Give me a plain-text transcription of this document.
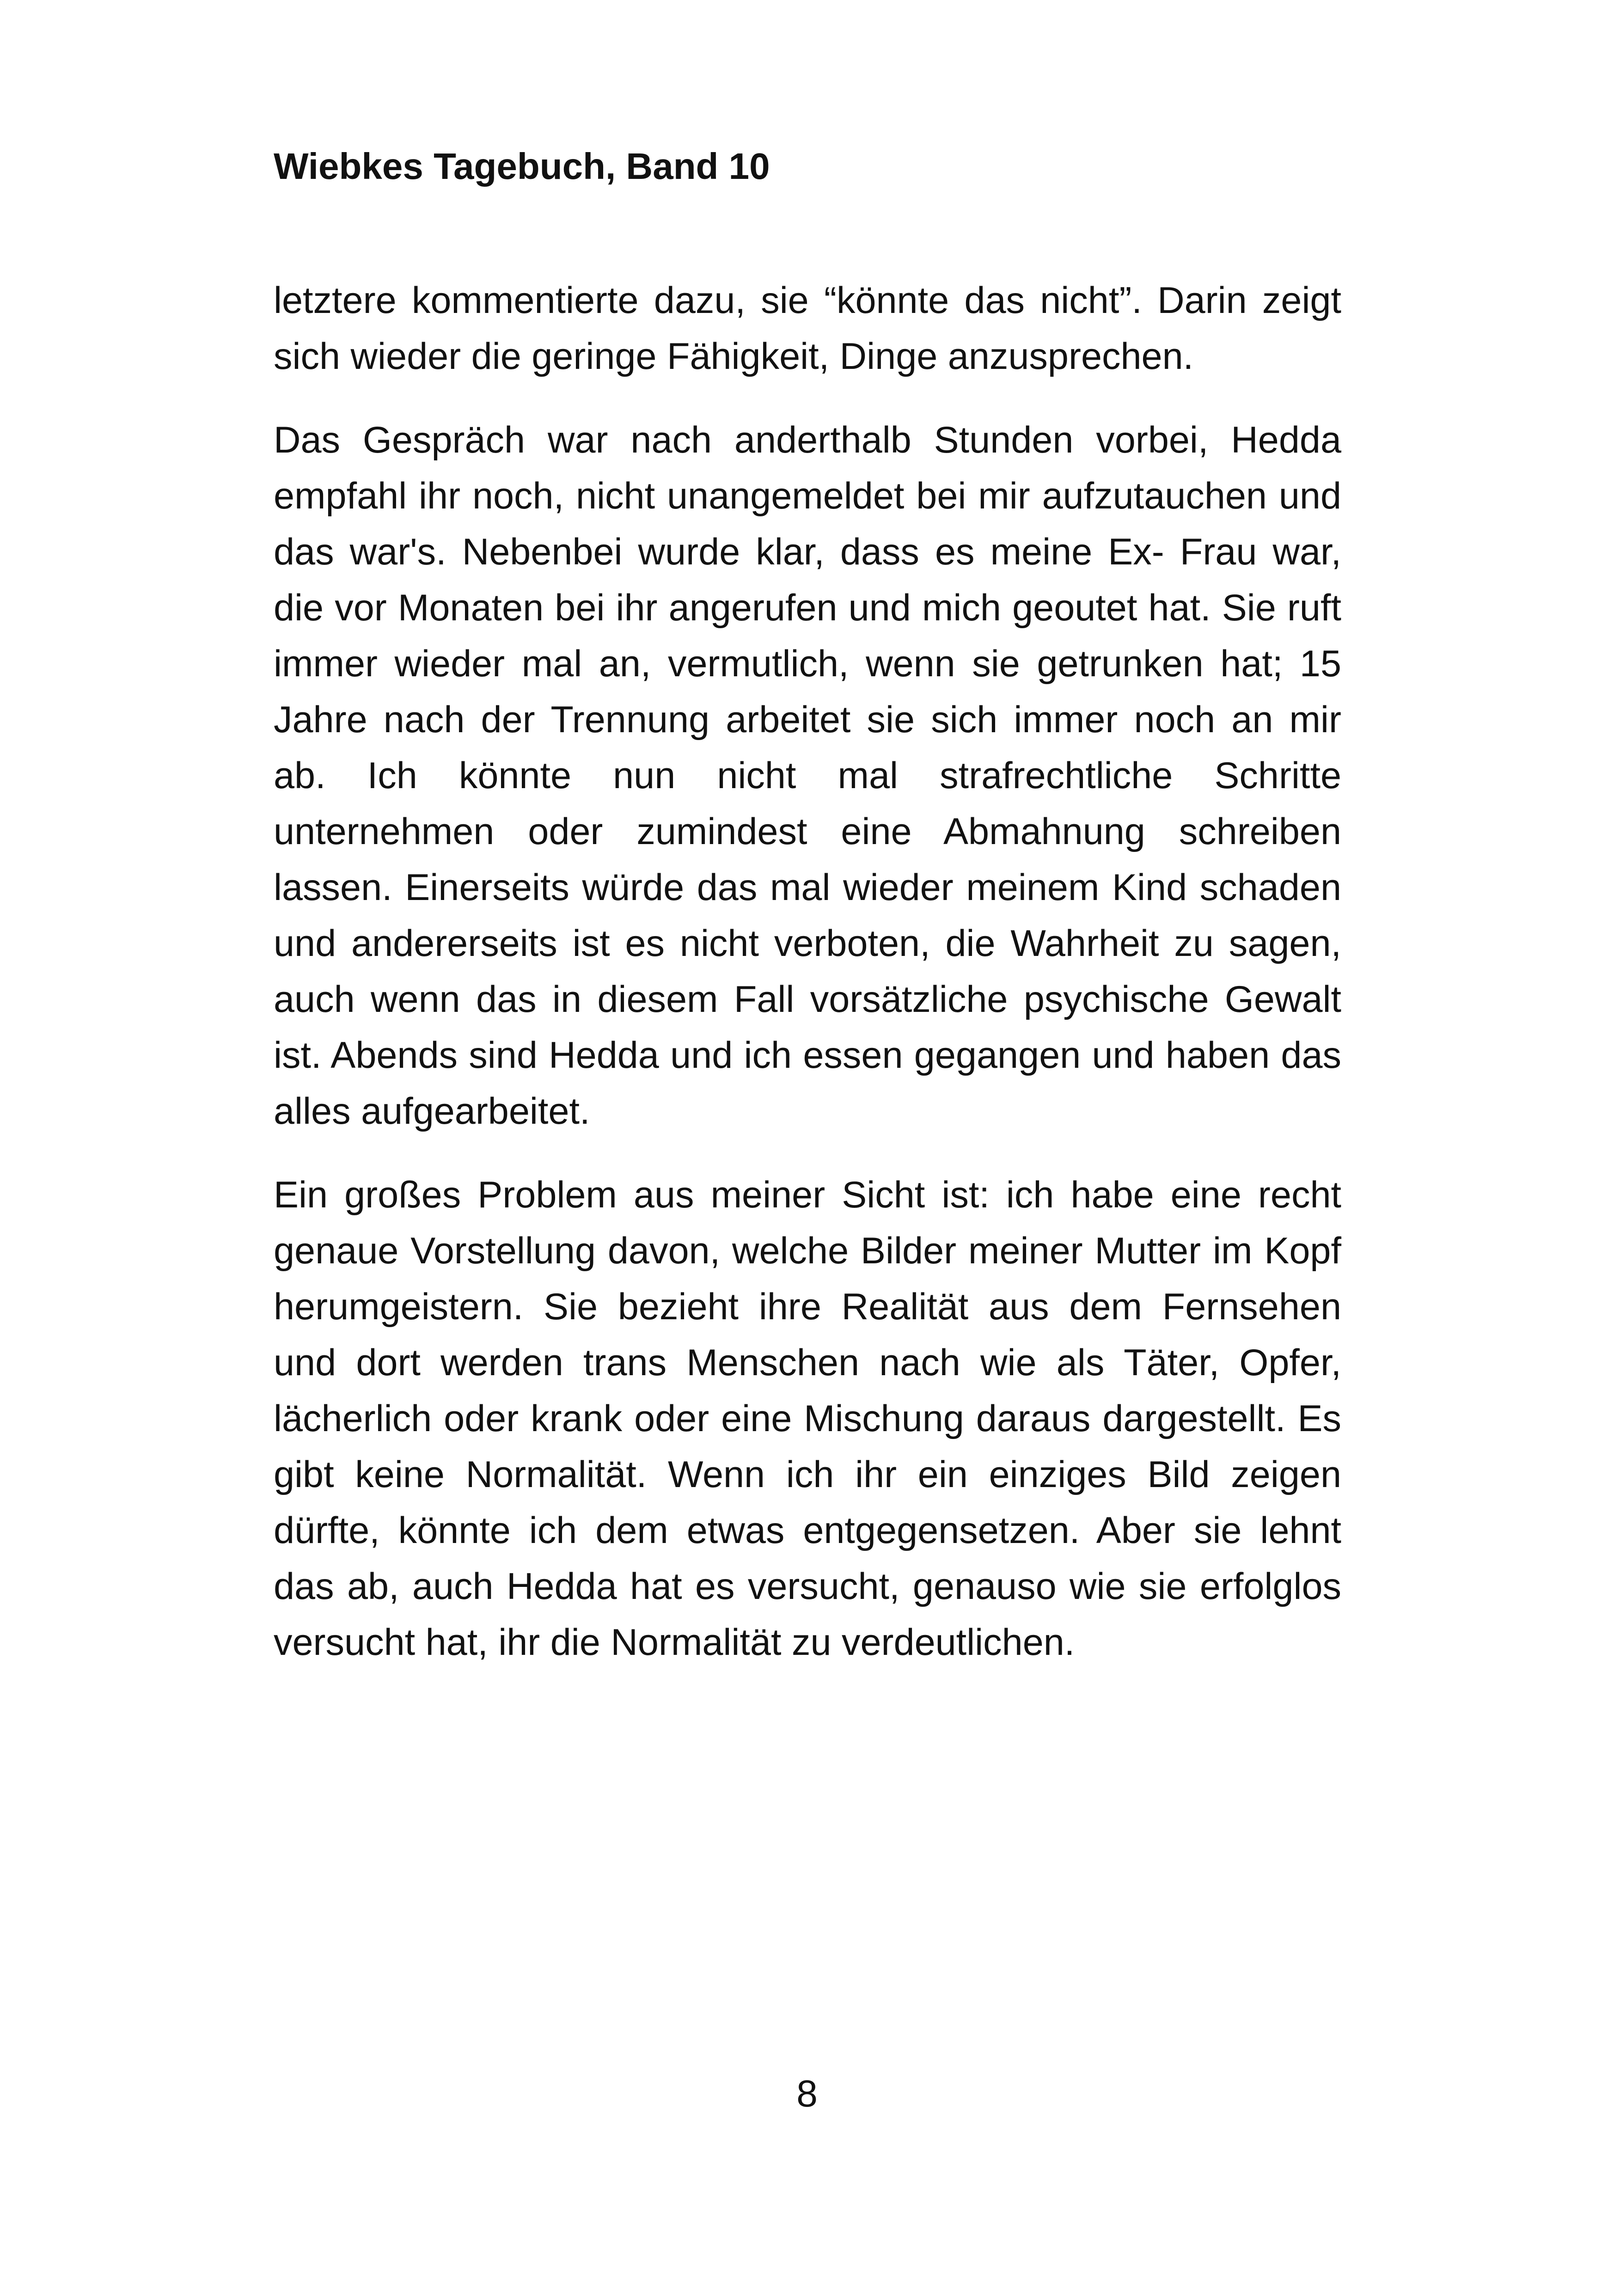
Wiebkes Tagebuch, Band 10

letztere kommentierte dazu, sie “könnte das nicht”. Darin zeigt sich wieder die geringe Fähigkeit, Dinge anzusprechen.

Das Gespräch war nach anderthalb Stunden vorbei, Hedda empfahl ihr noch, nicht unangemeldet bei mir aufzutauchen und das war's. Nebenbei wurde klar, dass es meine Ex- Frau war, die vor Monaten bei ihr angerufen und mich geoutet hat. Sie ruft immer wieder mal an, vermutlich, wenn sie getrunken hat; 15 Jahre nach der Trennung arbeitet sie sich immer noch an mir ab. Ich könnte nun nicht mal strafrechtliche Schritte unternehmen oder zumindest eine Abmahnung schreiben lassen. Einerseits würde das mal wieder meinem Kind schaden und andererseits ist es nicht verboten, die Wahrheit zu sagen, auch wenn das in diesem Fall vorsätzliche psychische Gewalt ist. Abends sind Hedda und ich essen gegangen und haben das alles aufgearbeitet.

Ein großes Problem aus meiner Sicht ist: ich habe eine recht genaue Vorstellung davon, welche Bilder meiner Mutter im Kopf herumgeistern. Sie bezieht ihre Realität aus dem Fernsehen und dort werden trans Menschen nach wie als Täter, Opfer, lächerlich oder krank oder eine Mischung daraus dargestellt. Es gibt keine Normalität. Wenn ich ihr ein einziges Bild zeigen dürfte, könnte ich dem etwas entgegensetzen. Aber sie lehnt das ab, auch Hedda hat es versucht, genauso wie sie erfolglos versucht hat, ihr die Normalität zu verdeutlichen.

8
